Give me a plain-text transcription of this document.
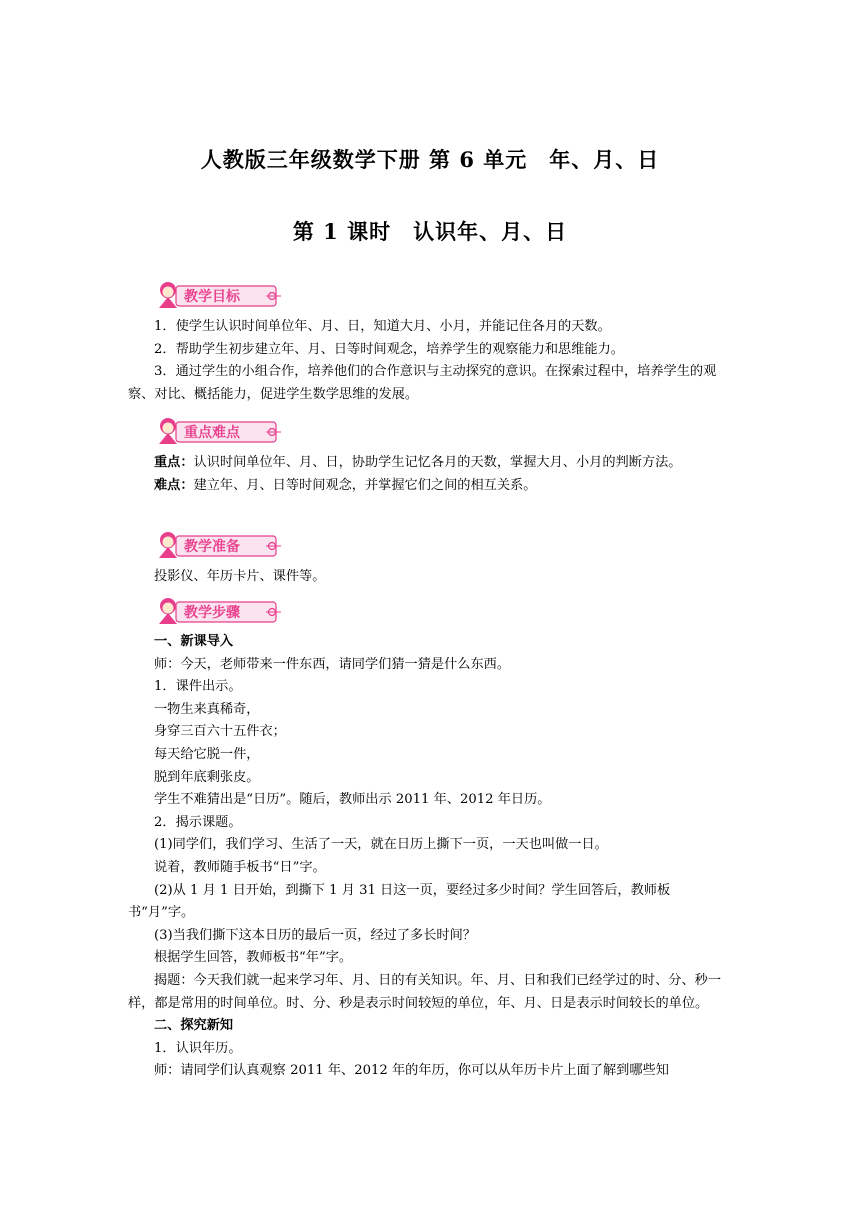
人教版三年级数学下册 第 6 单元　年、月、日
第 1 课时　认识年、月、日
教学目标

1．使学生认识时间单位年、月、日，知道大月、小月，并能记住各月的天数。

2．帮助学生初步建立年、月、日等时间观念，培养学生的观察能力和思维能力。

3．通过学生的小组合作，培养他们的合作意识与主动探究的意识。在探索过程中，培养学生的观察、对比、概括能力，促进学生数学思维的发展。

重点难点

重点：认识时间单位年、月、日，协助学生记忆各月的天数，掌握大月、小月的判断方法。

难点：建立年、月、日等时间观念，并掌握它们之间的相互关系。

教学准备

投影仪、年历卡片、课件等。

教学步骤

一、新课导入

师：今天，老师带来一件东西，请同学们猜一猜是什么东西。

1．课件出示。

一物生来真稀奇，

身穿三百六十五件衣；

每天给它脱一件，

脱到年底剩张皮。

学生不难猜出是“日历”。随后，教师出示 2011 年、2012 年日历。

2．揭示课题。

(1)同学们，我们学习、生活了一天，就在日历上撕下一页，一天也叫做一日。

说着，教师随手板书“日”字。

(2)从 1 月 1 日开始，到撕下 1 月 31 日这一页，要经过多少时间？学生回答后，教师板书“月”字。

(3)当我们撕下这本日历的最后一页，经过了多长时间？

根据学生回答，教师板书“年”字。

揭题：今天我们就一起来学习年、月、日的有关知识。年、月、日和我们已经学过的时、分、秒一样，都是常用的时间单位。时、分、秒是表示时间较短的单位，年、月、日是表示时间较长的单位。

二、探究新知

1．认识年历。

师：请同学们认真观察 2011 年、2012 年的年历，你可以从年历卡片上面了解到哪些知
